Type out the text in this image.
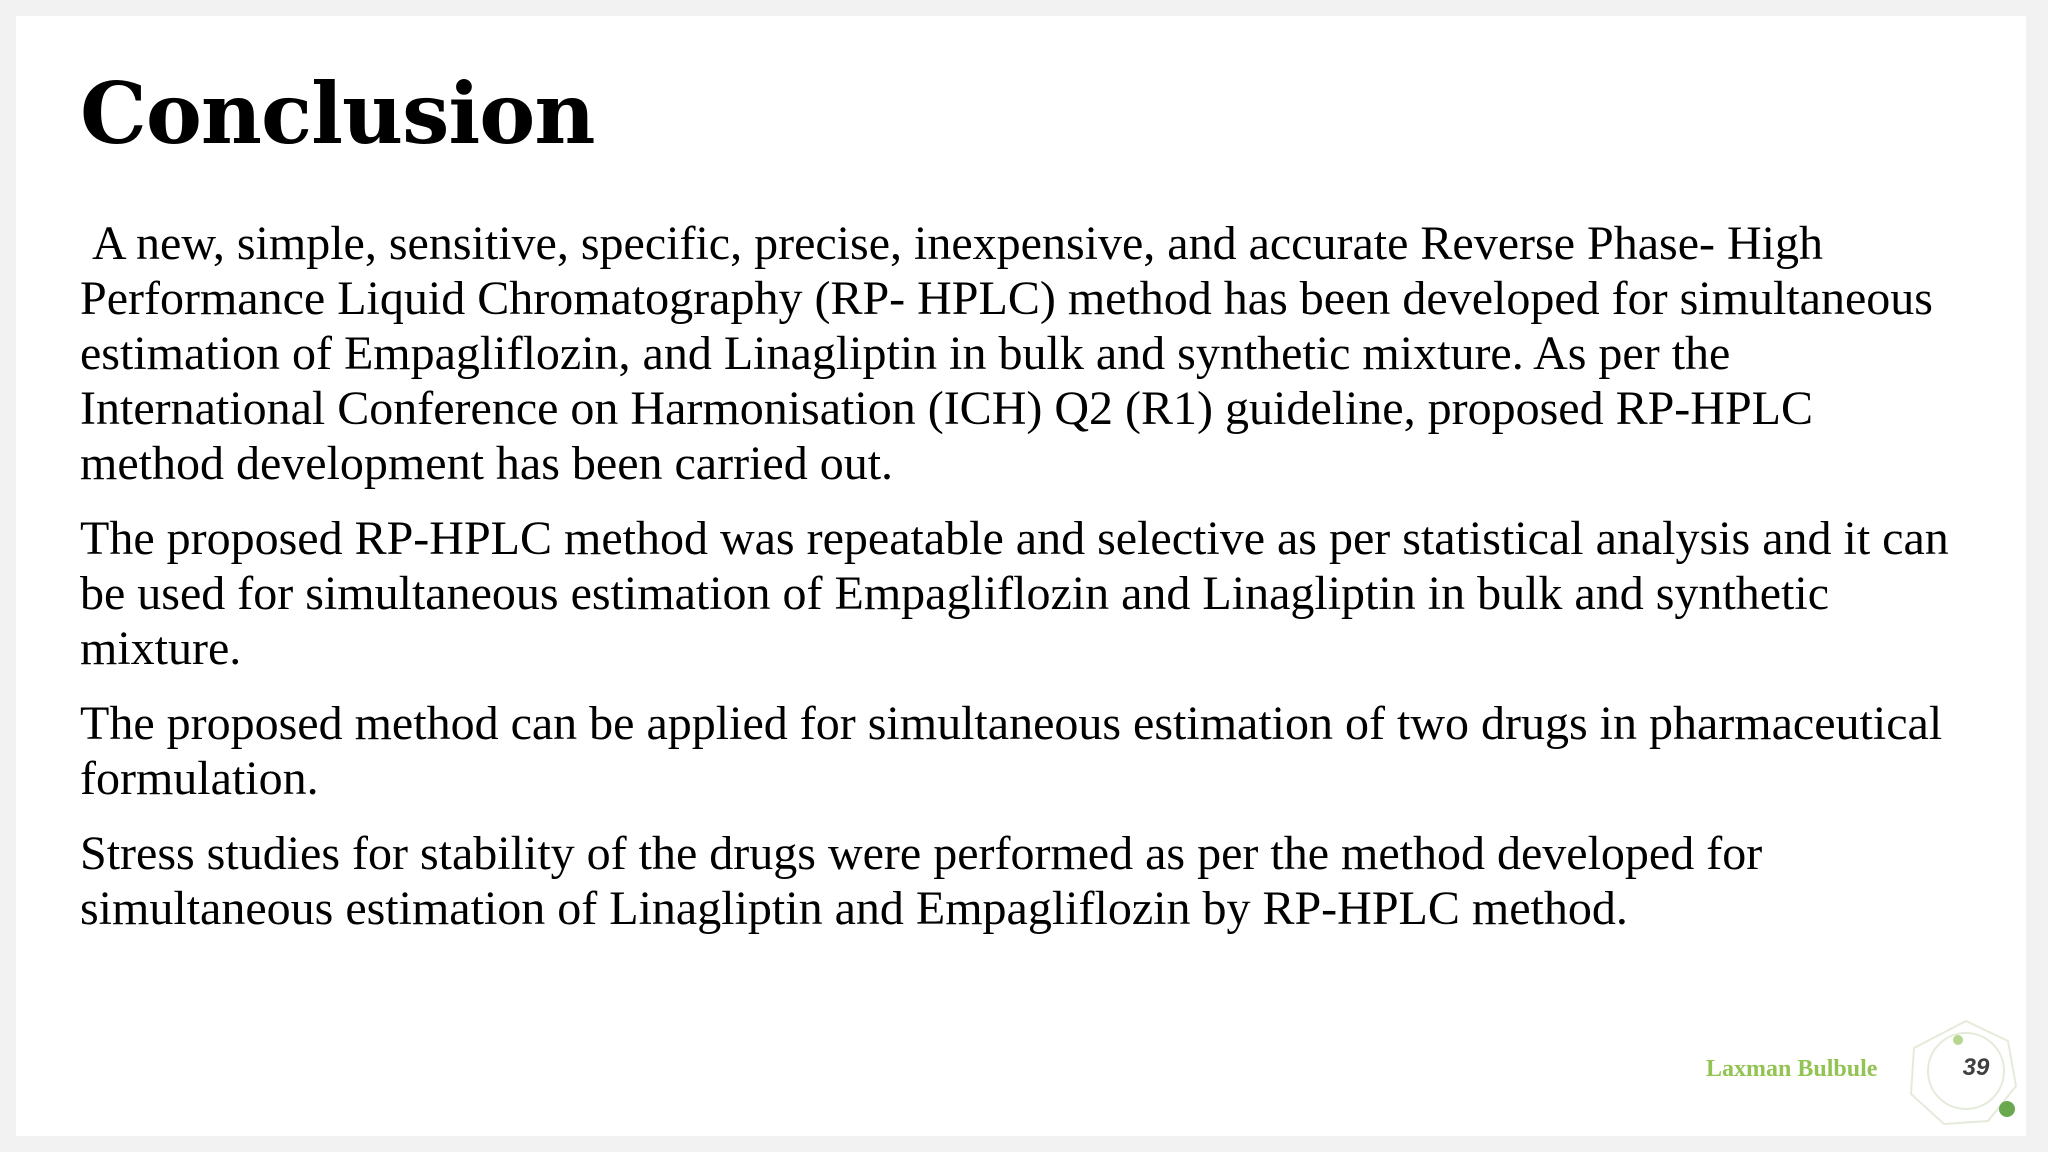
Conclusion

A new, simple, sensitive, specific, precise, inexpensive, and accurate Reverse Phase- High Performance Liquid Chromatography (RP- HPLC) method has been developed for simultaneous estimation of Empagliflozin, and Linagliptin in bulk and synthetic mixture. As per the International Conference on Harmonisation (ICH) Q2 (R1) guideline, proposed RP-HPLC method development has been carried out.

The proposed RP-HPLC method was repeatable and selective as per statistical analysis and it can be used for simultaneous estimation of Empagliflozin and Linagliptin in bulk and synthetic mixture.

The proposed method can be applied for simultaneous estimation of two drugs in pharmaceutical formulation.

Stress studies for stability of the drugs were performed as per the method developed for simultaneous estimation of Linagliptin and Empagliflozin by RP-HPLC method.

Laxman Bulbule	39
